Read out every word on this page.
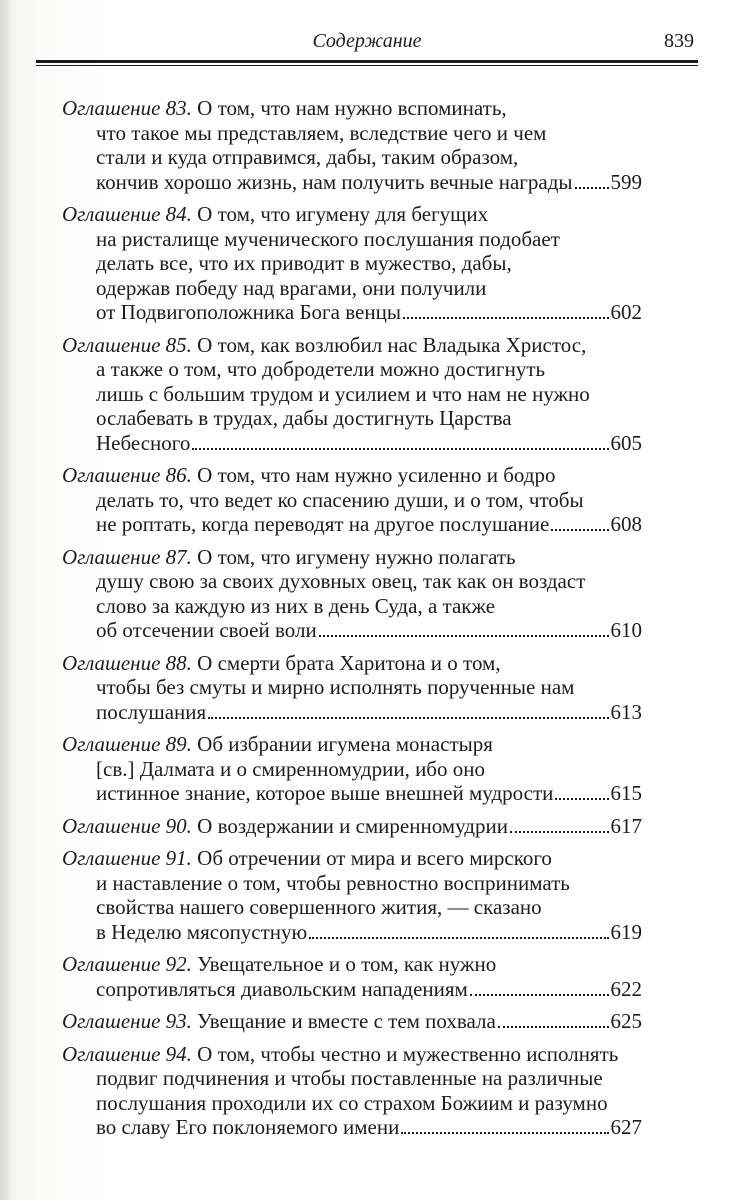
Содержание	839
Оглашение 83. О том, что нам нужно вспоминать,
что такое мы представляем, вследствие чего и чем
стали и куда отправимся, дабы, таким образом,

кончив хорошо жизнь, нам получить вечные награды 599
Оглашение 84. О том, что игумену для бегущих
на ристалище мученического послушания подобает
делать все, что их приводит в мужество, дабы,
одержав победу над врагами, они получили

от Подвигоположника Бога венцы	602
Оглашение 85. О том, как возлюбил нас Владыка Христос,
а также о том, что добродетели можно достигнуть
лишь с большим трудом и усилием и что нам не нужно
ослабевать в трудах, дабы достигнуть Царства

Небесного	605
Оглашение 86. О том, что нам нужно усиленно и бодро
делать то, что ведет ко спасению души, и о том, чтобы

не роптать, когда переводят на другое послушание	608
Оглашение 87. О том, что игумену нужно полагать
душу свою за своих духовных овец, так как он воздаст
слово за каждую из них в день Суда, а также

об отсечении своей воли	610
Оглашение 88. О смерти брата Харитона и о том,
чтобы без смуты и мирно исполнять порученные нам

послушания	613
Оглашение 89. Об избрании игумена монастыря
[св.] Далмата и о смиренномудрии, ибо оно

истинное знание, которое выше внешней мудрости	615
Оглашение 90.
О воздержании и смиренномудрии	617
Оглашение 91. Об отречении от мира и всего мирского
и наставление о том, чтобы ревностно воспринимать
свойства нашего совершенного жития, — сказано

в Неделю мясопустную	619
Оглашение 92. Увещательное и о том, как нужно

сопротивляться диавольским нападениям	622
Оглашение 93.
Увещание и вместе с тем похвала	625
Оглашение 94. О том, чтобы честно и мужественно исполнять
подвиг подчинения и чтобы поставленные на различные
послушания проходили их со страхом Божиим и разумно

во славу Его поклоняемого имени	627
